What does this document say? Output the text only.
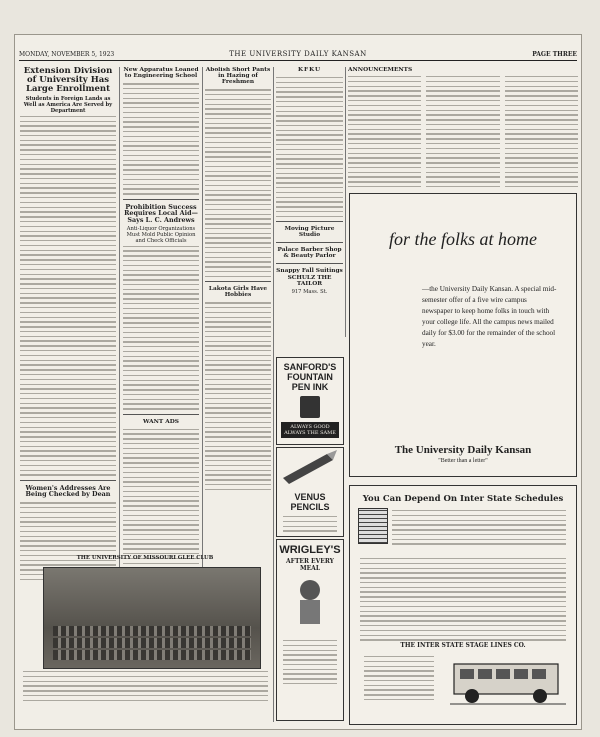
MONDAY, NOVEMBER 5, 1923	THE UNIVERSITY DAILY KANSAN	PAGE THREE
Extension Division of University Has Large Enrollment
Students in Foreign Lands as Well as America Are Served by Department
Women's Addresses Are Being Checked by Dean
New Apparatus Loaned to Engineering School
Prohibition Success Requires Local Aid—Says L. C. Andrews
Anti-Liquor Organizations Must Mold Public Opinion and Check Officials
WANT ADS
Abolish Short Pants in Hazing of Freshmen
Lakota Girls Have Hobbies
KFKU
Moving Picture Studio
Palace Barber Shop & Beauty Parlor
Snappy Fall Suitings SCHULZ THE TAILOR
917 Mass. St.
ANNOUNCEMENTS
for the folks at home
—the University Daily Kansan. A special mid-semester offer of a five wire campus newspaper to keep home folks in touch with your college life. All the campus news mailed daily for $3.00 for the remainder of the school year.
The University Daily Kansan
"Better than a letter"
You Can Depend On Inter State Schedules
THE INTER STATE STAGE LINES CO.
THE UNIVERSITY OF MISSOURI GLEE CLUB
SANFORD'S FOUNTAIN PEN INK
ALWAYS GOOD ALWAYS THE SAME
VENUS PENCILS
WRIGLEY'S
AFTER EVERY MEAL
